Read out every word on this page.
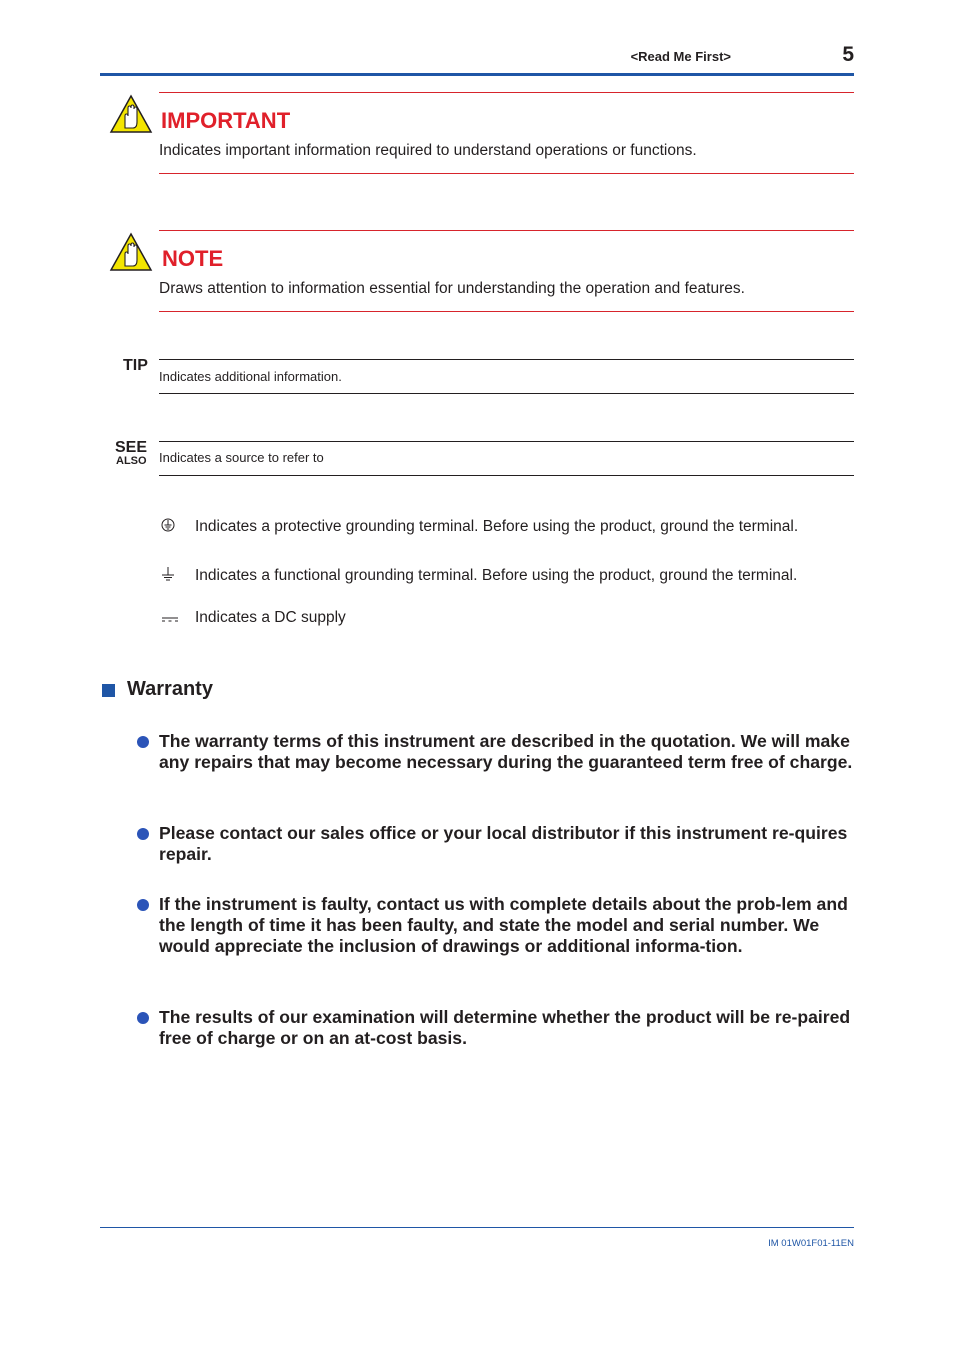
<Read Me First>	5
IMPORTANT
Indicates important information required to understand operations or functions.
NOTE
Draws attention to information essential for understanding the operation and features.
TIP
Indicates additional information.
SEE
ALSO Indicates a source to refer to
Indicates a protective grounding terminal. Before using the product, ground the terminal.
Indicates a functional grounding terminal. Before using the product, ground the terminal.
Indicates a DC supply
Warranty
The warranty terms of this instrument are described in the quotation. We will make any repairs that may become necessary during the guaranteed term free of charge.
Please contact our sales office or your local distributor if this instrument re-quires repair.
If the instrument is faulty, contact us with complete details about the prob-lem and the length of time it has been faulty, and state the model and serial number. We would appreciate the inclusion of drawings or additional informa-tion.
The results of our examination will determine whether the product will be re-paired free of charge or on an at-cost basis.
IM 01W01F01-11EN
